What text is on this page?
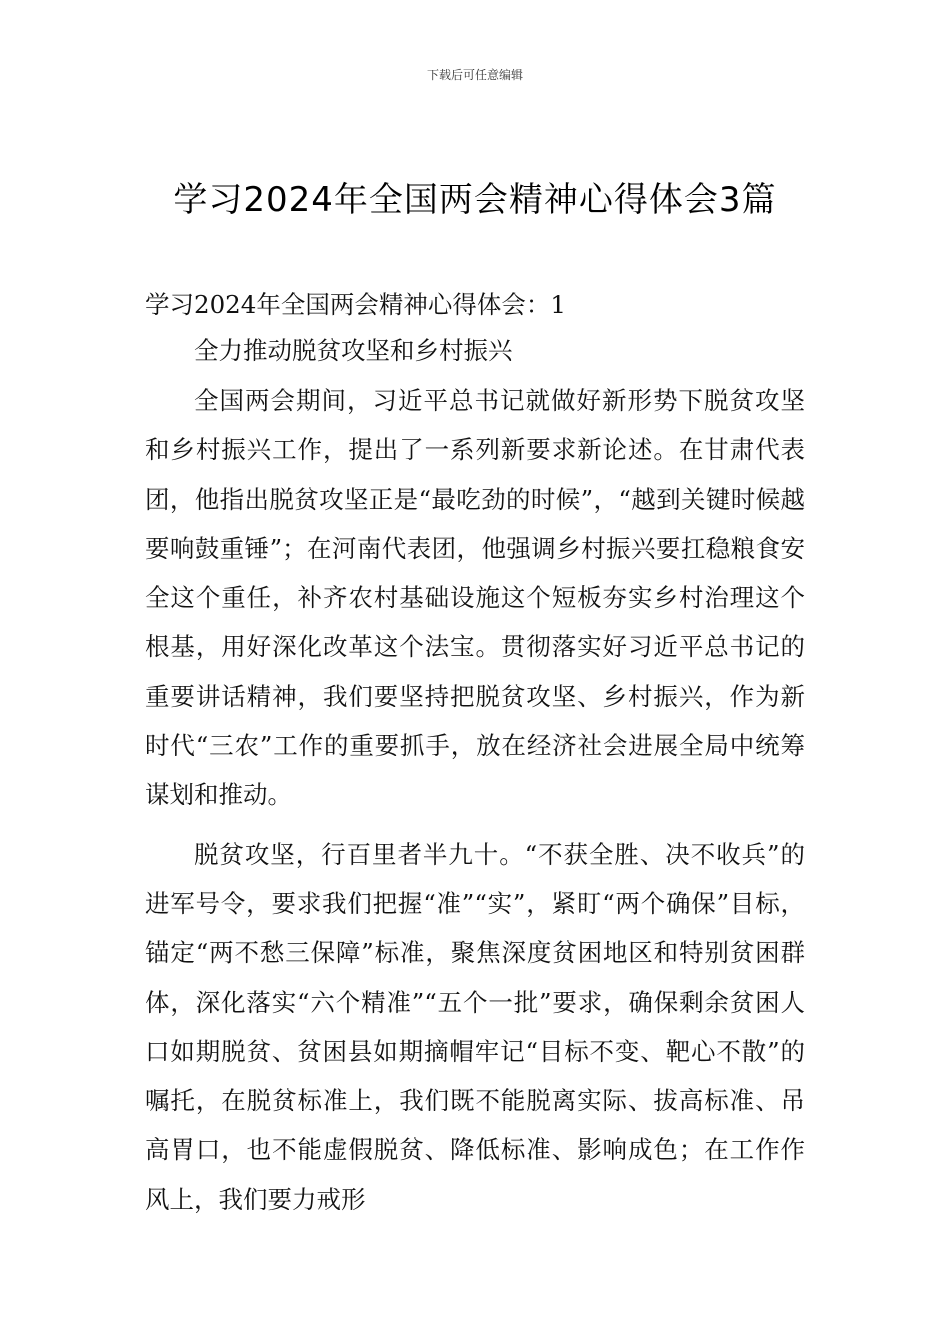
下载后可任意编辑
学习2024年全国两会精神心得体会3篇

学习2024年全国两会精神心得体会：1

全力推动脱贫攻坚和乡村振兴

全国两会期间，习近平总书记就做好新形势下脱贫攻坚和乡村振兴工作，提出了一系列新要求新论述。在甘肃代表团，他指出脱贫攻坚正是“最吃劲的时候”，“越到关键时候越要响鼓重锤”；在河南代表团，他强调乡村振兴要扛稳粮食安全这个重任，补齐农村基础设施这个短板夯实乡村治理这个根基，用好深化改革这个法宝。贯彻落实好习近平总书记的重要讲话精神，我们要坚持把脱贫攻坚、乡村振兴，作为新时代“三农”工作的重要抓手，放在经济社会进展全局中统筹谋划和推动。

脱贫攻坚，行百里者半九十。“不获全胜、决不收兵”的进军号令，要求我们把握“准”“实”，紧盯“两个确保”目标，锚定“两不愁三保障”标准，聚焦深度贫困地区和特别贫困群体，深化落实“六个精准”“五个一批”要求，确保剩余贫困人口如期脱贫、贫困县如期摘帽牢记“目标不变、靶心不散”的嘱托，在脱贫标准上，我们既不能脱离实际、拔高标准、吊高胃口，也不能虚假脱贫、降低标准、影响成色；在工作作风上，我们要力戒形
